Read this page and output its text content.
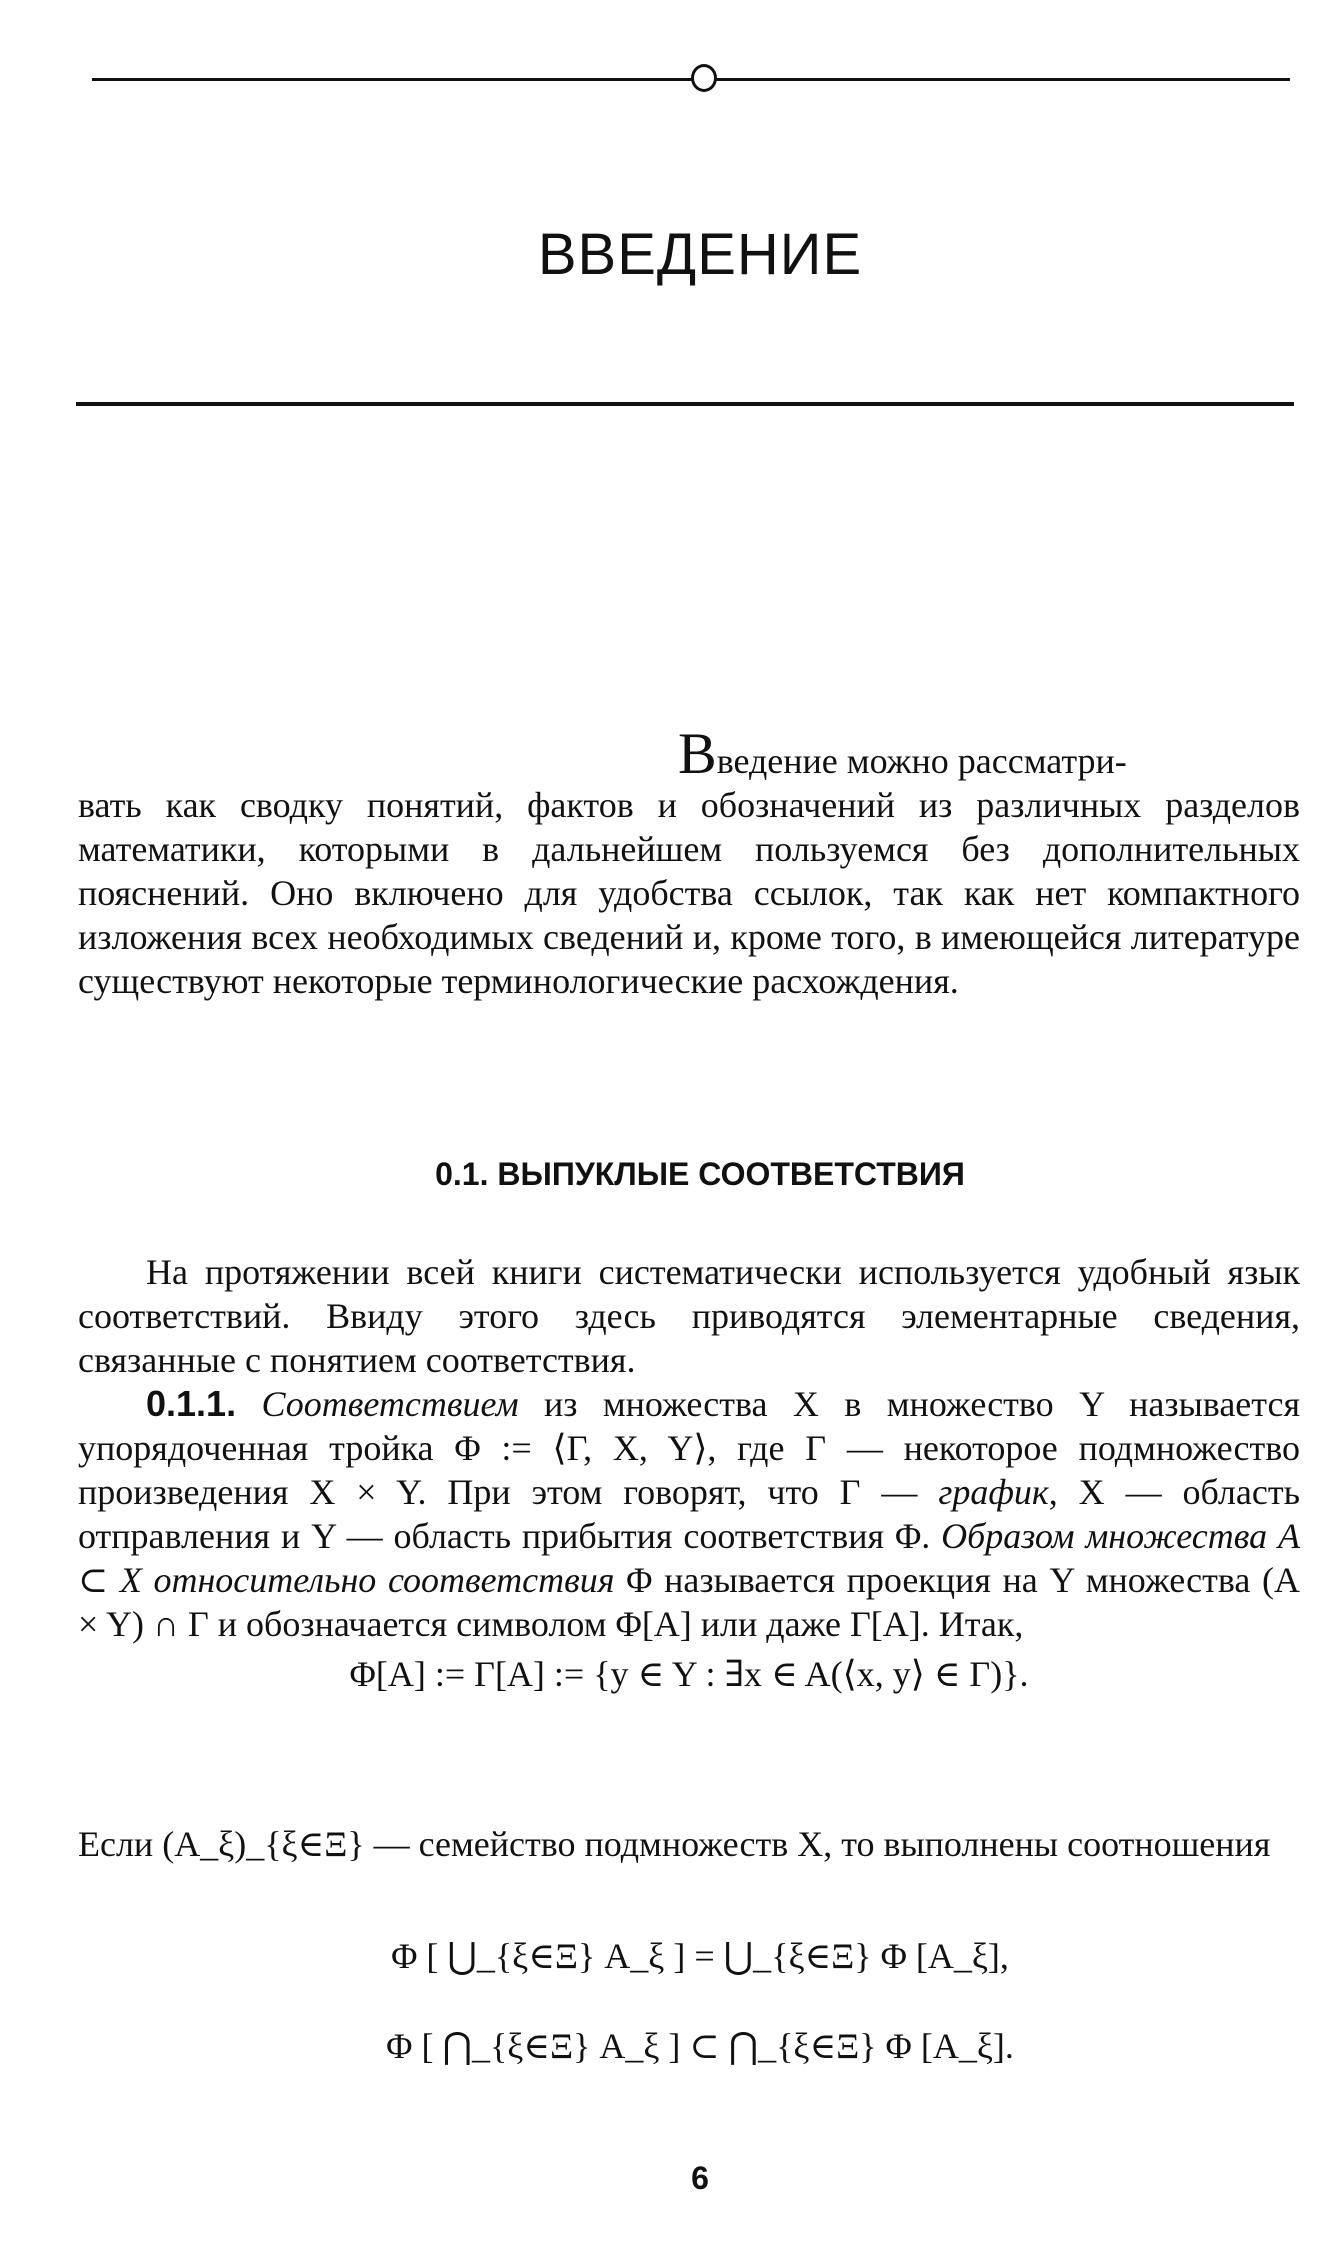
ВВЕДЕНИЕ

Введение можно рассматри-

вать как сводку понятий, фактов и обозначений из различных разделов математики, которыми в дальнейшем пользуемся без дополнительных пояснений. Оно включено для удобства ссылок, так как нет компактного изложения всех необходимых сведений и, кроме того, в имеющейся литературе существуют некоторые терминологические расхождения.

0.1. ВЫПУКЛЫЕ СООТВЕТСТВИЯ

На протяжении всей книги систематически используется удобный язык соответствий. Ввиду этого здесь приводятся элементарные сведения, связанные с понятием соответствия.

0.1.1. Соответствием из множества X в множество Y называется упорядоченная тройка Φ := ⟨Γ, X, Y⟩, где Γ — некоторое подмножество произведения X × Y. При этом говорят, что Γ — график, X — область отправления и Y — область прибытия соответствия Φ. Образом множества A ⊂ X относительно соответствия Φ называется проекция на Y множества (A × Y) ∩ Γ и обозначается символом Φ[A] или даже Γ[A]. Итак,

Φ[A] := Γ[A] := {y ∈ Y : ∃x ∈ A(⟨x, y⟩ ∈ Γ)}.

Если (A_ξ)_{ξ∈Ξ} — семейство подмножеств X, то выполнены соотношения
Φ [ ⋃_{ξ∈Ξ} A_ξ ] = ⋃_{ξ∈Ξ} Φ [A_ξ],
Φ [ ⋂_{ξ∈Ξ} A_ξ ] ⊂ ⋂_{ξ∈Ξ} Φ [A_ξ].
6
